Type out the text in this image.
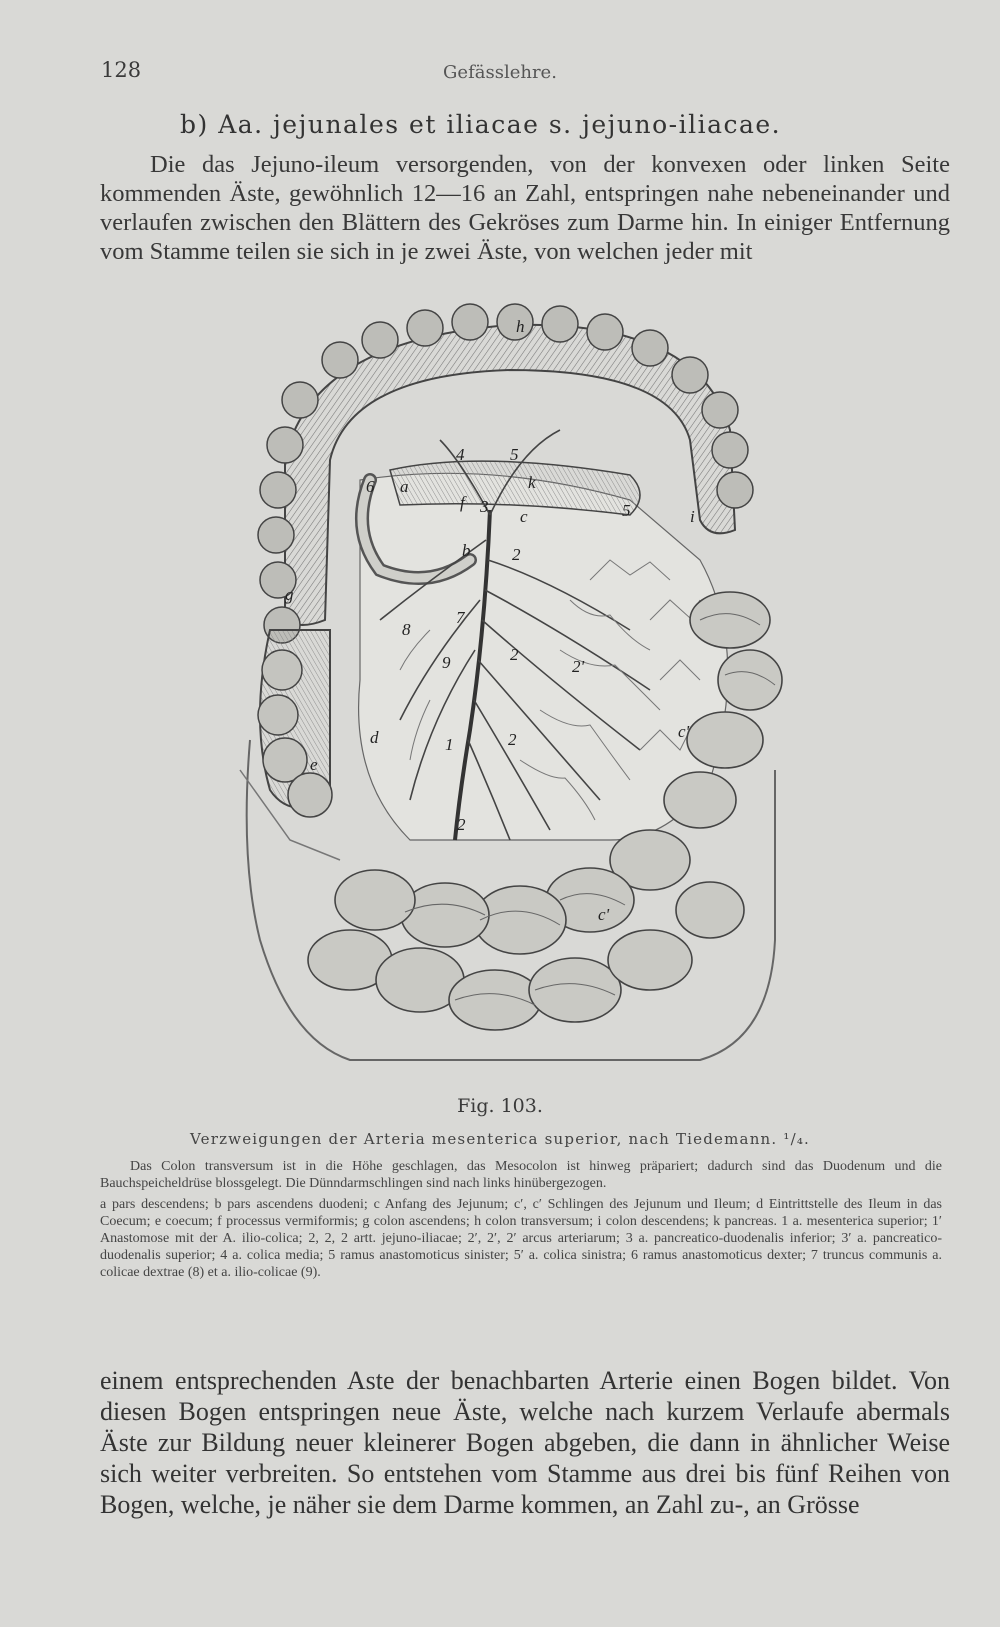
128	Gefässlehre.
b) Aa. jejunales et iliacae s. jejuno-iliacae.
Die das Jejuno-ileum versorgenden, von der konvexen oder linken Seite kommenden Äste, gewöhnlich 12—16 an Zahl, entspringen nahe nebeneinander und verlaufen zwischen den Blättern des Gekröses zum Darme hin. In einiger Entfernung vom Stamme teilen sie sich in je zwei Äste, von welchen jeder mit
h
k
f
a
b
c
d
e
g
i
c'
c'
1
2
2
2
2'
2
3
4	5
5
6
7
8
9
Fig. 103.
Verzweigungen der Arteria mesenterica superior, nach Tiedemann. ¹/₄.

Das Colon transversum ist in die Höhe geschlagen, das Mesocolon ist hinweg präpariert; dadurch sind das Duodenum und die Bauchspeicheldrüse blossgelegt. Die Dünndarmschlingen sind nach links hinübergezogen.

a pars descendens; b pars ascendens duodeni; c Anfang des Jejunum; c′, c′ Schlingen des Jejunum und Ileum; d Eintrittstelle des Ileum in das Coecum; e coecum; f processus vermiformis; g colon ascendens; h colon transversum; i colon descendens; k pancreas. 1 a. mesenterica superior; 1′ Anastomose mit der A. ilio-colica; 2, 2, 2 artt. jejuno-iliacae; 2′, 2′, 2′ arcus arteriarum; 3 a. pancreatico-duodenalis inferior; 3′ a. pancreatico-duodenalis superior; 4 a. colica media; 5 ramus anastomoticus sinister; 5′ a. colica sinistra; 6 ramus anastomoticus dexter; 7 truncus communis a. colicae dextrae (8) et a. ilio-colicae (9).

einem entsprechenden Aste der benachbarten Arterie einen Bogen bildet. Von diesen Bogen entspringen neue Äste, welche nach kurzem Verlaufe abermals Äste zur Bildung neuer kleinerer Bogen abgeben, die dann in ähnlicher Weise sich weiter verbreiten. So entstehen vom Stamme aus drei bis fünf Reihen von Bogen, welche, je näher sie dem Darme kommen, an Zahl zu-, an Grösse
